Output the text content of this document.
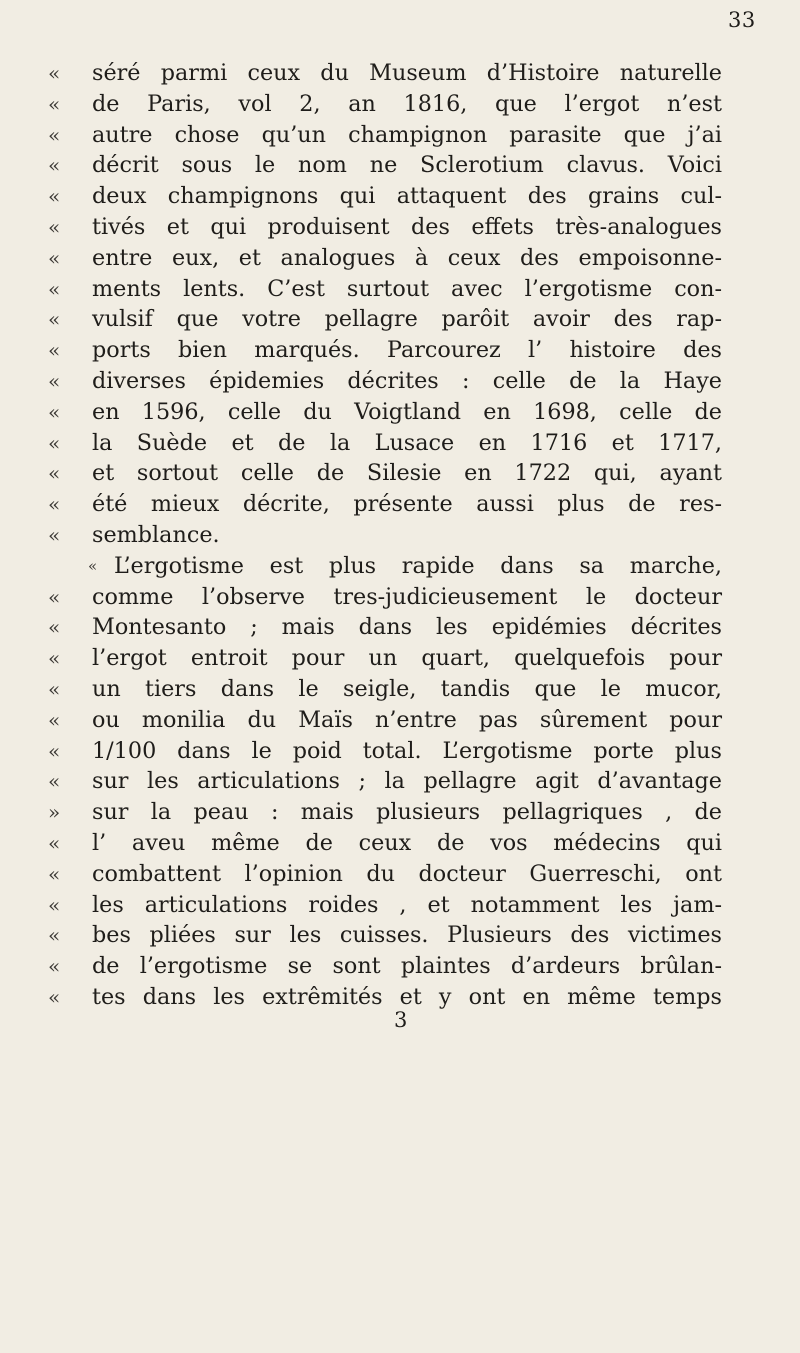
33
« séré parmi ceux du Museum d’Histoire naturelle
« de Paris, vol 2, an 1816, que l’ergot n’est
« autre chose qu’un champignon parasite que j’ai
« décrit sous le nom ne Sclerotium clavus. Voici
« deux champignons qui attaquent des grains cul-
« tivés et qui produisent des effets très-analogues
« entre eux, et analogues à ceux des empoisonne-
« ments lents. C’est surtout avec l’ergotisme con-
« vulsif que votre pellagre parôit avoir des rap-
« ports bien marqués. Parcourez l’ histoire des
« diverses épidemies décrites : celle de la Haye
« en 1596, celle du Voigtland en 1698, celle de
« la Suède et de la Lusace en 1716 et 1717,
« et sortout celle de Silesie en 1722 qui, ayant
« été mieux décrite, présente aussi plus de res-
« semblance.
« L’ergotisme est plus rapide dans sa marche,
« comme l’observe tres-judicieusement le docteur
« Montesanto ; mais dans les epidémies décrites
« l’ergot entroit pour un quart, quelquefois pour
« un tiers dans le seigle, tandis que le mucor,
« ou monilia du Maïs n’entre pas sûrement pour
« 1/100 dans le poid total. L’ergotisme porte plus
« sur les articulations ; la pellagre agit d’avantage
» sur la peau : mais plusieurs pellagriques , de
« l’ aveu même de ceux de vos médecins qui
« combattent l’opinion du docteur Guerreschi, ont
« les articulations roides , et notamment les jam-
« bes pliées sur les cuisses. Plusieurs des victimes
« de l’ergotisme se sont plaintes d’ardeurs brûlan-
« tes dans les extrêmités et y ont en même temps
3
